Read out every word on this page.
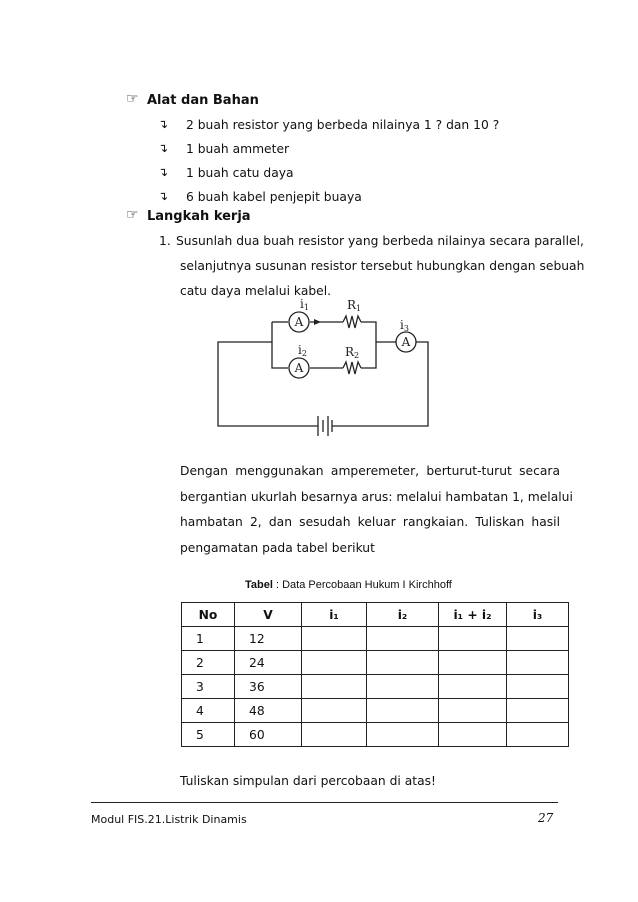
☞ Alat dan Bahan
↴ 2 buah resistor yang berbeda nilainya 1 ? dan 10 ?
↴ 1 buah ammeter
↴ 1 buah catu daya
↴ 6 buah kabel penjepit buaya
☞ Langkah kerja
1. Susunlah dua buah resistor yang berbeda nilainya secara parallel,
selanjutnya susunan resistor tersebut hubungkan dengan sebuah
catu daya melalui kabel.
A
A
A
i1
i2
i3
R1
R2
Dengan menggunakan amperemeter, berturut-turut secara
bergantian ukurlah besarnya arus: melalui hambatan 1, melalui
hambatan 2, dan sesudah keluar rangkaian. Tuliskan hasil
pengamatan pada tabel berikut
Tabel : Data Percobaan Hukum I Kirchhoff
No	V	i₁	i₂	i₁ + i₂	i₃
1	12				
2	24				
3	36				
4	48				
5	60				
Tuliskan simpulan dari percobaan di atas!
Modul FIS.21.Listrik Dinamis	27
